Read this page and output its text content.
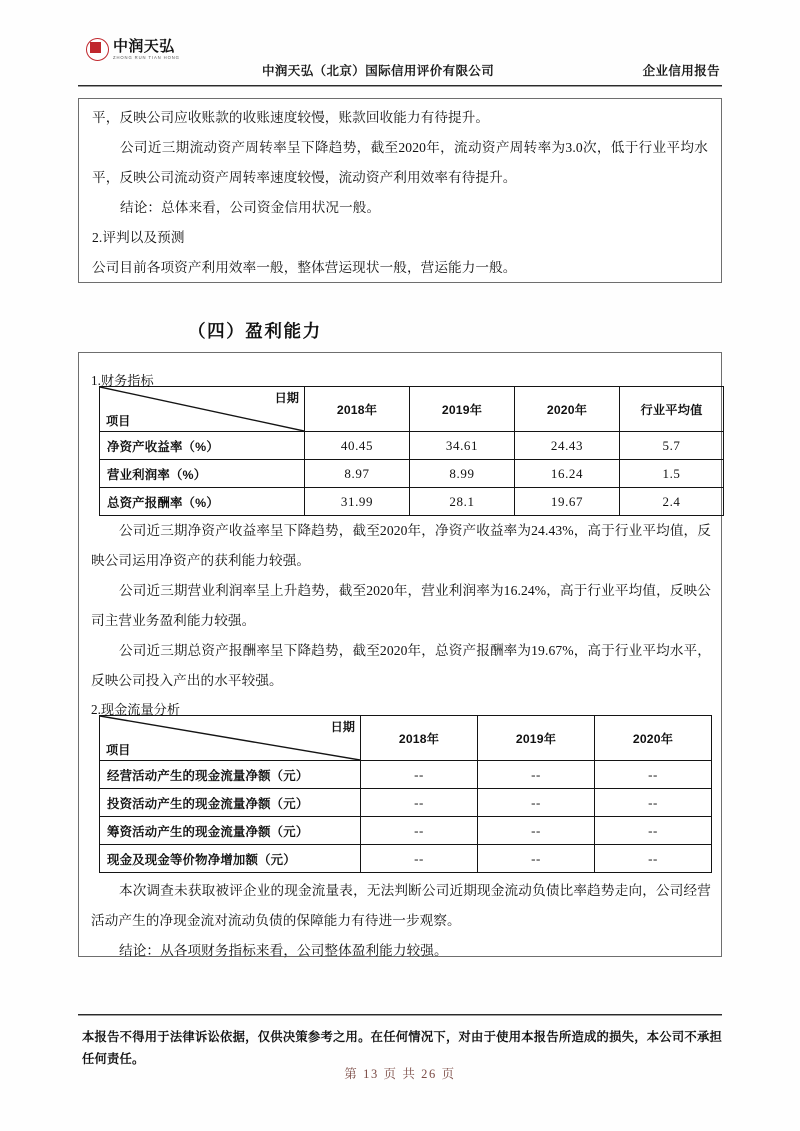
中润天弘
ZHONG RUN TIAN HONG
中润天弘（北京）国际信用评价有限公司	企业信用报告

平，反映公司应收账款的收账速度较慢，账款回收能力有待提升。

公司近三期流动资产周转率呈下降趋势，截至2020年，流动资产周转率为3.0次，低于行业平均水平，反映公司流动资产周转率速度较慢，流动资产利用效率有待提升。

结论：总体来看，公司资金信用状况一般。

2.评判以及预测

公司目前各项资产利用效率一般，整体营运现状一般，营运能力一般。

（四）盈利能力
1.财务指标
日期
项目	2018年	2019年	2020年	行业平均值
净资产收益率（%）	40.45	34.61	24.43	5.7
营业利润率（%）	8.97	8.99	16.24	1.5
总资产报酬率（%）	31.99	28.1	19.67	2.4

公司近三期净资产收益率呈下降趋势，截至2020年，净资产收益率为24.43%，高于行业平均值，反映公司运用净资产的获利能力较强。

公司近三期营业利润率呈上升趋势，截至2020年，营业利润率为16.24%，高于行业平均值，反映公司主营业务盈利能力较强。

公司近三期总资产报酬率呈下降趋势，截至2020年，总资产报酬率为19.67%，高于行业平均水平，反映公司投入产出的水平较强。

2.现金流量分析
日期
项目	2018年	2019年	2020年
经营活动产生的现金流量净额（元）	--	--	--
投资活动产生的现金流量净额（元）	--	--	--
筹资活动产生的现金流量净额（元）	--	--	--
现金及现金等价物净增加额（元）	--	--	--

本次调查未获取被评企业的现金流量表，无法判断公司近期现金流动负债比率趋势走向，公司经营活动产生的净现金流对流动负债的保障能力有待进一步观察。

结论：从各项财务指标来看，公司整体盈利能力较强。

本报告不得用于法律诉讼依据，仅供决策参考之用。在任何情况下，对由于使用本报告所造成的损失，本公司不承担任何责任。
第 13 页 共 26 页
